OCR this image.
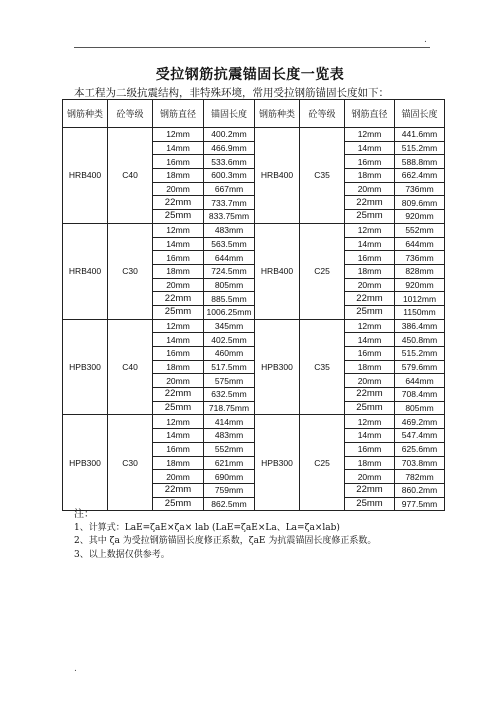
.
受拉钢筋抗震锚固长度一览表
本工程为二级抗震结构，非特殊环境，常用受拉钢筋锚固长度如下：
钢筋种类	砼等级	钢筋直径	锚固长度	钢筋种类	砼等级	钢筋直径	锚固长度
HRB400	C40	12mm	400.2mm	HRB400	C35	12mm	441.6mm
		14mm	466.9mm			14mm	515.2mm
		16mm	533.6mm			16mm	588.8mm
		18mm	600.3mm			18mm	662.4mm
		20mm	667mm			20mm	736mm
		22mm	733.7mm			22mm	809.6mm
		25mm	833.75mm			25mm	920mm
HRB400	C30	12mm	483mm	HRB400	C25	12mm	552mm
		14mm	563.5mm			14mm	644mm
		16mm	644mm			16mm	736mm
		18mm	724.5mm			18mm	828mm
		20mm	805mm			20mm	920mm
		22mm	885.5mm			22mm	1012mm
		25mm	1006.25mm			25mm	1150mm
HPB300	C40	12mm	345mm	HPB300	C35	12mm	386.4mm
		14mm	402.5mm			14mm	450.8mm
		16mm	460mm			16mm	515.2mm
		18mm	517.5mm			18mm	579.6mm
		20mm	575mm			20mm	644mm
		22mm	632.5mm			22mm	708.4mm
		25mm	718.75mm			25mm	805mm
HPB300	C30	12mm	414mm	HPB300	C25	12mm	469.2mm
		14mm	483mm			14mm	547.4mm
		16mm	552mm			16mm	625.6mm
		18mm	621mm			18mm	703.8mm
		20mm	690mm			20mm	782mm
		22mm	759mm			22mm	860.2mm
		25mm	862.5mm			25mm	977.5mm
注：
1、计算式：LaE=ζaE×ζa× lab (LaE=ζaE×La、La=ζa×lab)
2、其中 ζa 为受拉钢筋锚固长度修正系数，ζaE 为抗震锚固长度修正系数。
3、以上数据仅供参考。
.
